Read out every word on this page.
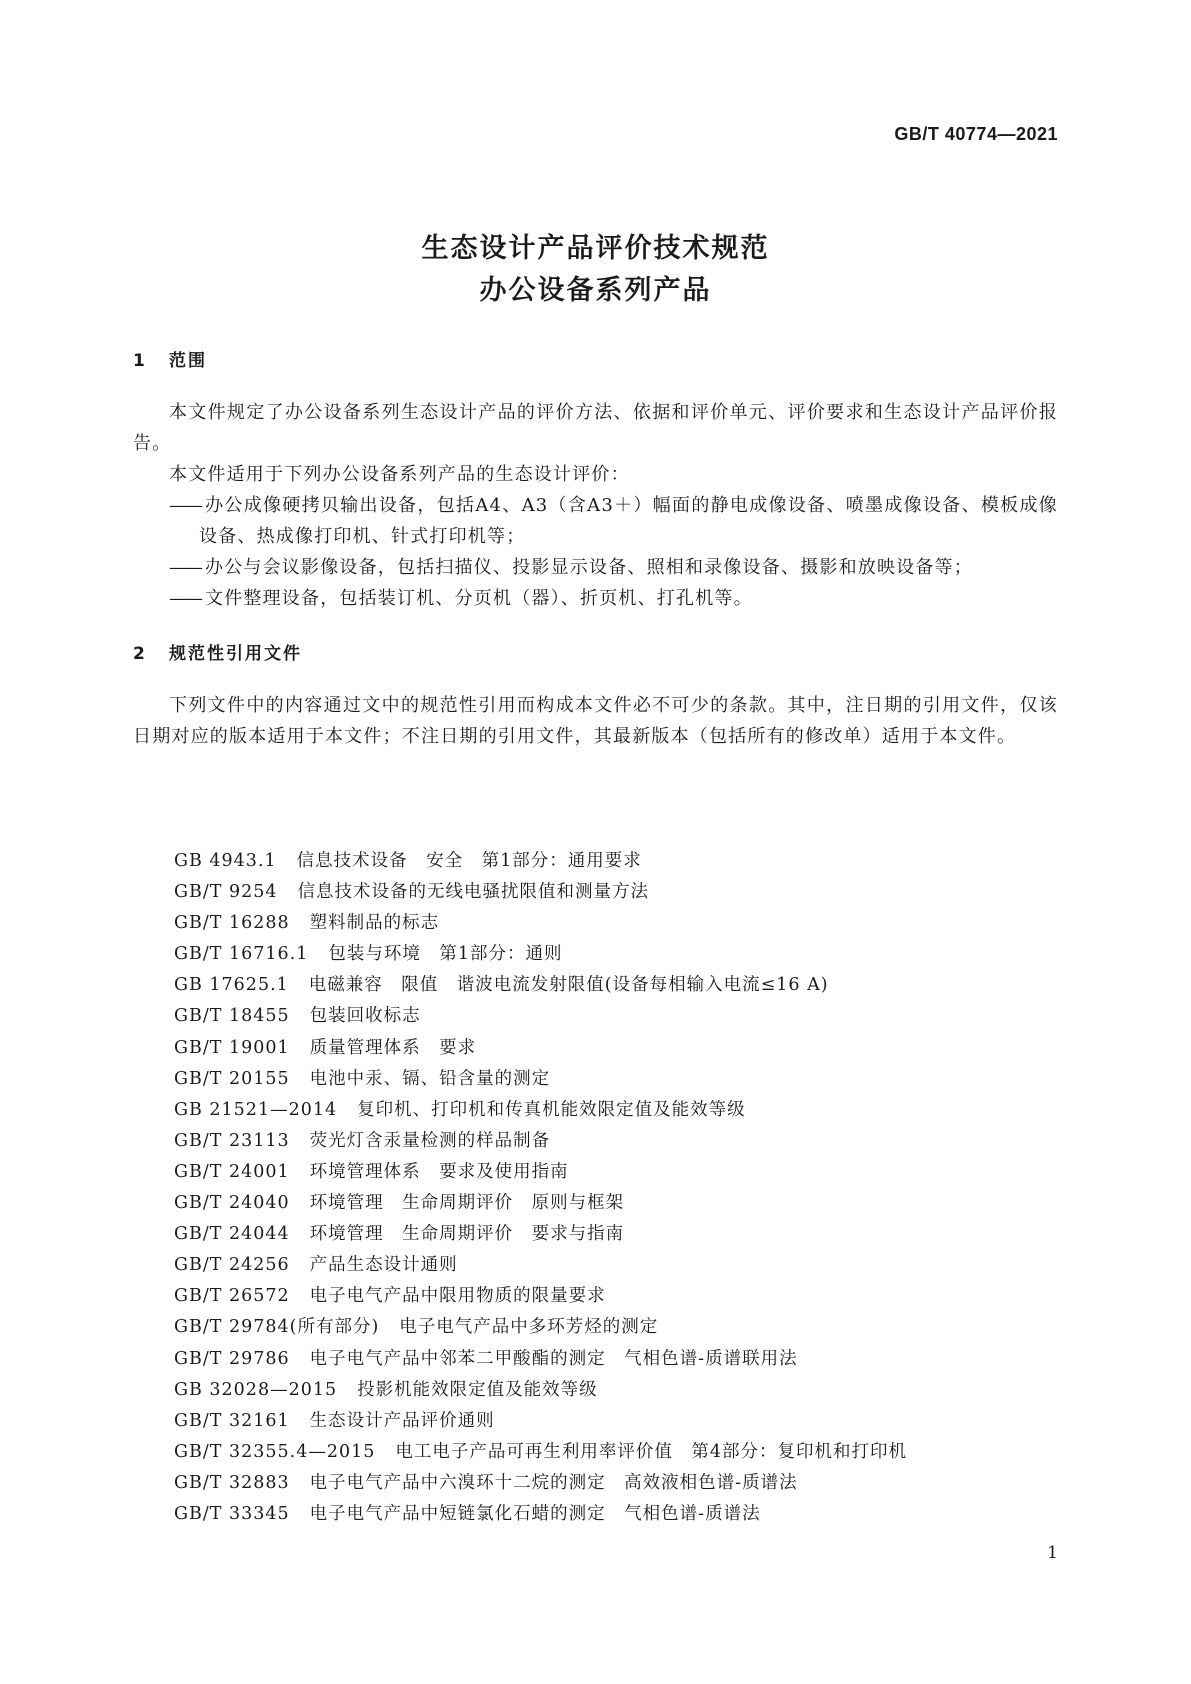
GB/T 40774—2021
生态设计产品评价技术规范
办公设备系列产品
1 范围

本文件规定了办公设备系列生态设计产品的评价方法、依据和评价单元、评价要求和生态设计产品评价报告。

本文件适用于下列办公设备系列产品的生态设计评价：

—— 办公成像硬拷贝输出设备，包括A4、A3（含A3＋）幅面的静电成像设备、喷墨成像设备、模板成像设备、热成像打印机、针式打印机等；

—— 办公与会议影像设备，包括扫描仪、投影显示设备、照相和录像设备、摄影和放映设备等；

—— 文件整理设备，包括装订机、分页机（器）、折页机、打孔机等。

2 规范性引用文件

下列文件中的内容通过文中的规范性引用而构成本文件必不可少的条款。其中，注日期的引用文件，仅该日期对应的版本适用于本文件；不注日期的引用文件，其最新版本（包括所有的修改单）适用于本文件。

GB 4943.1 信息技术设备　安全　第1部分：通用要求
GB/T 9254 信息技术设备的无线电骚扰限值和测量方法
GB/T 16288 塑料制品的标志
GB/T 16716.1 包装与环境　第1部分：通则
GB 17625.1 电磁兼容　限值　谐波电流发射限值(设备每相输入电流≤16 A)
GB/T 18455 包装回收标志
GB/T 19001 质量管理体系　要求
GB/T 20155 电池中汞、镉、铅含量的测定
GB 21521—2014 复印机、打印机和传真机能效限定值及能效等级
GB/T 23113 荧光灯含汞量检测的样品制备
GB/T 24001 环境管理体系　要求及使用指南
GB/T 24040 环境管理　生命周期评价　原则与框架
GB/T 24044 环境管理　生命周期评价　要求与指南
GB/T 24256 产品生态设计通则
GB/T 26572 电子电气产品中限用物质的限量要求
GB/T 29784(所有部分) 电子电气产品中多环芳烃的测定
GB/T 29786 电子电气产品中邻苯二甲酸酯的测定　气相色谱-质谱联用法
GB 32028—2015 投影机能效限定值及能效等级
GB/T 32161 生态设计产品评价通则
GB/T 32355.4—2015 电工电子产品可再生利用率评价值　第4部分：复印机和打印机
GB/T 32883 电子电气产品中六溴环十二烷的测定　高效液相色谱-质谱法
GB/T 33345 电子电气产品中短链氯化石蜡的测定　气相色谱-质谱法
1
